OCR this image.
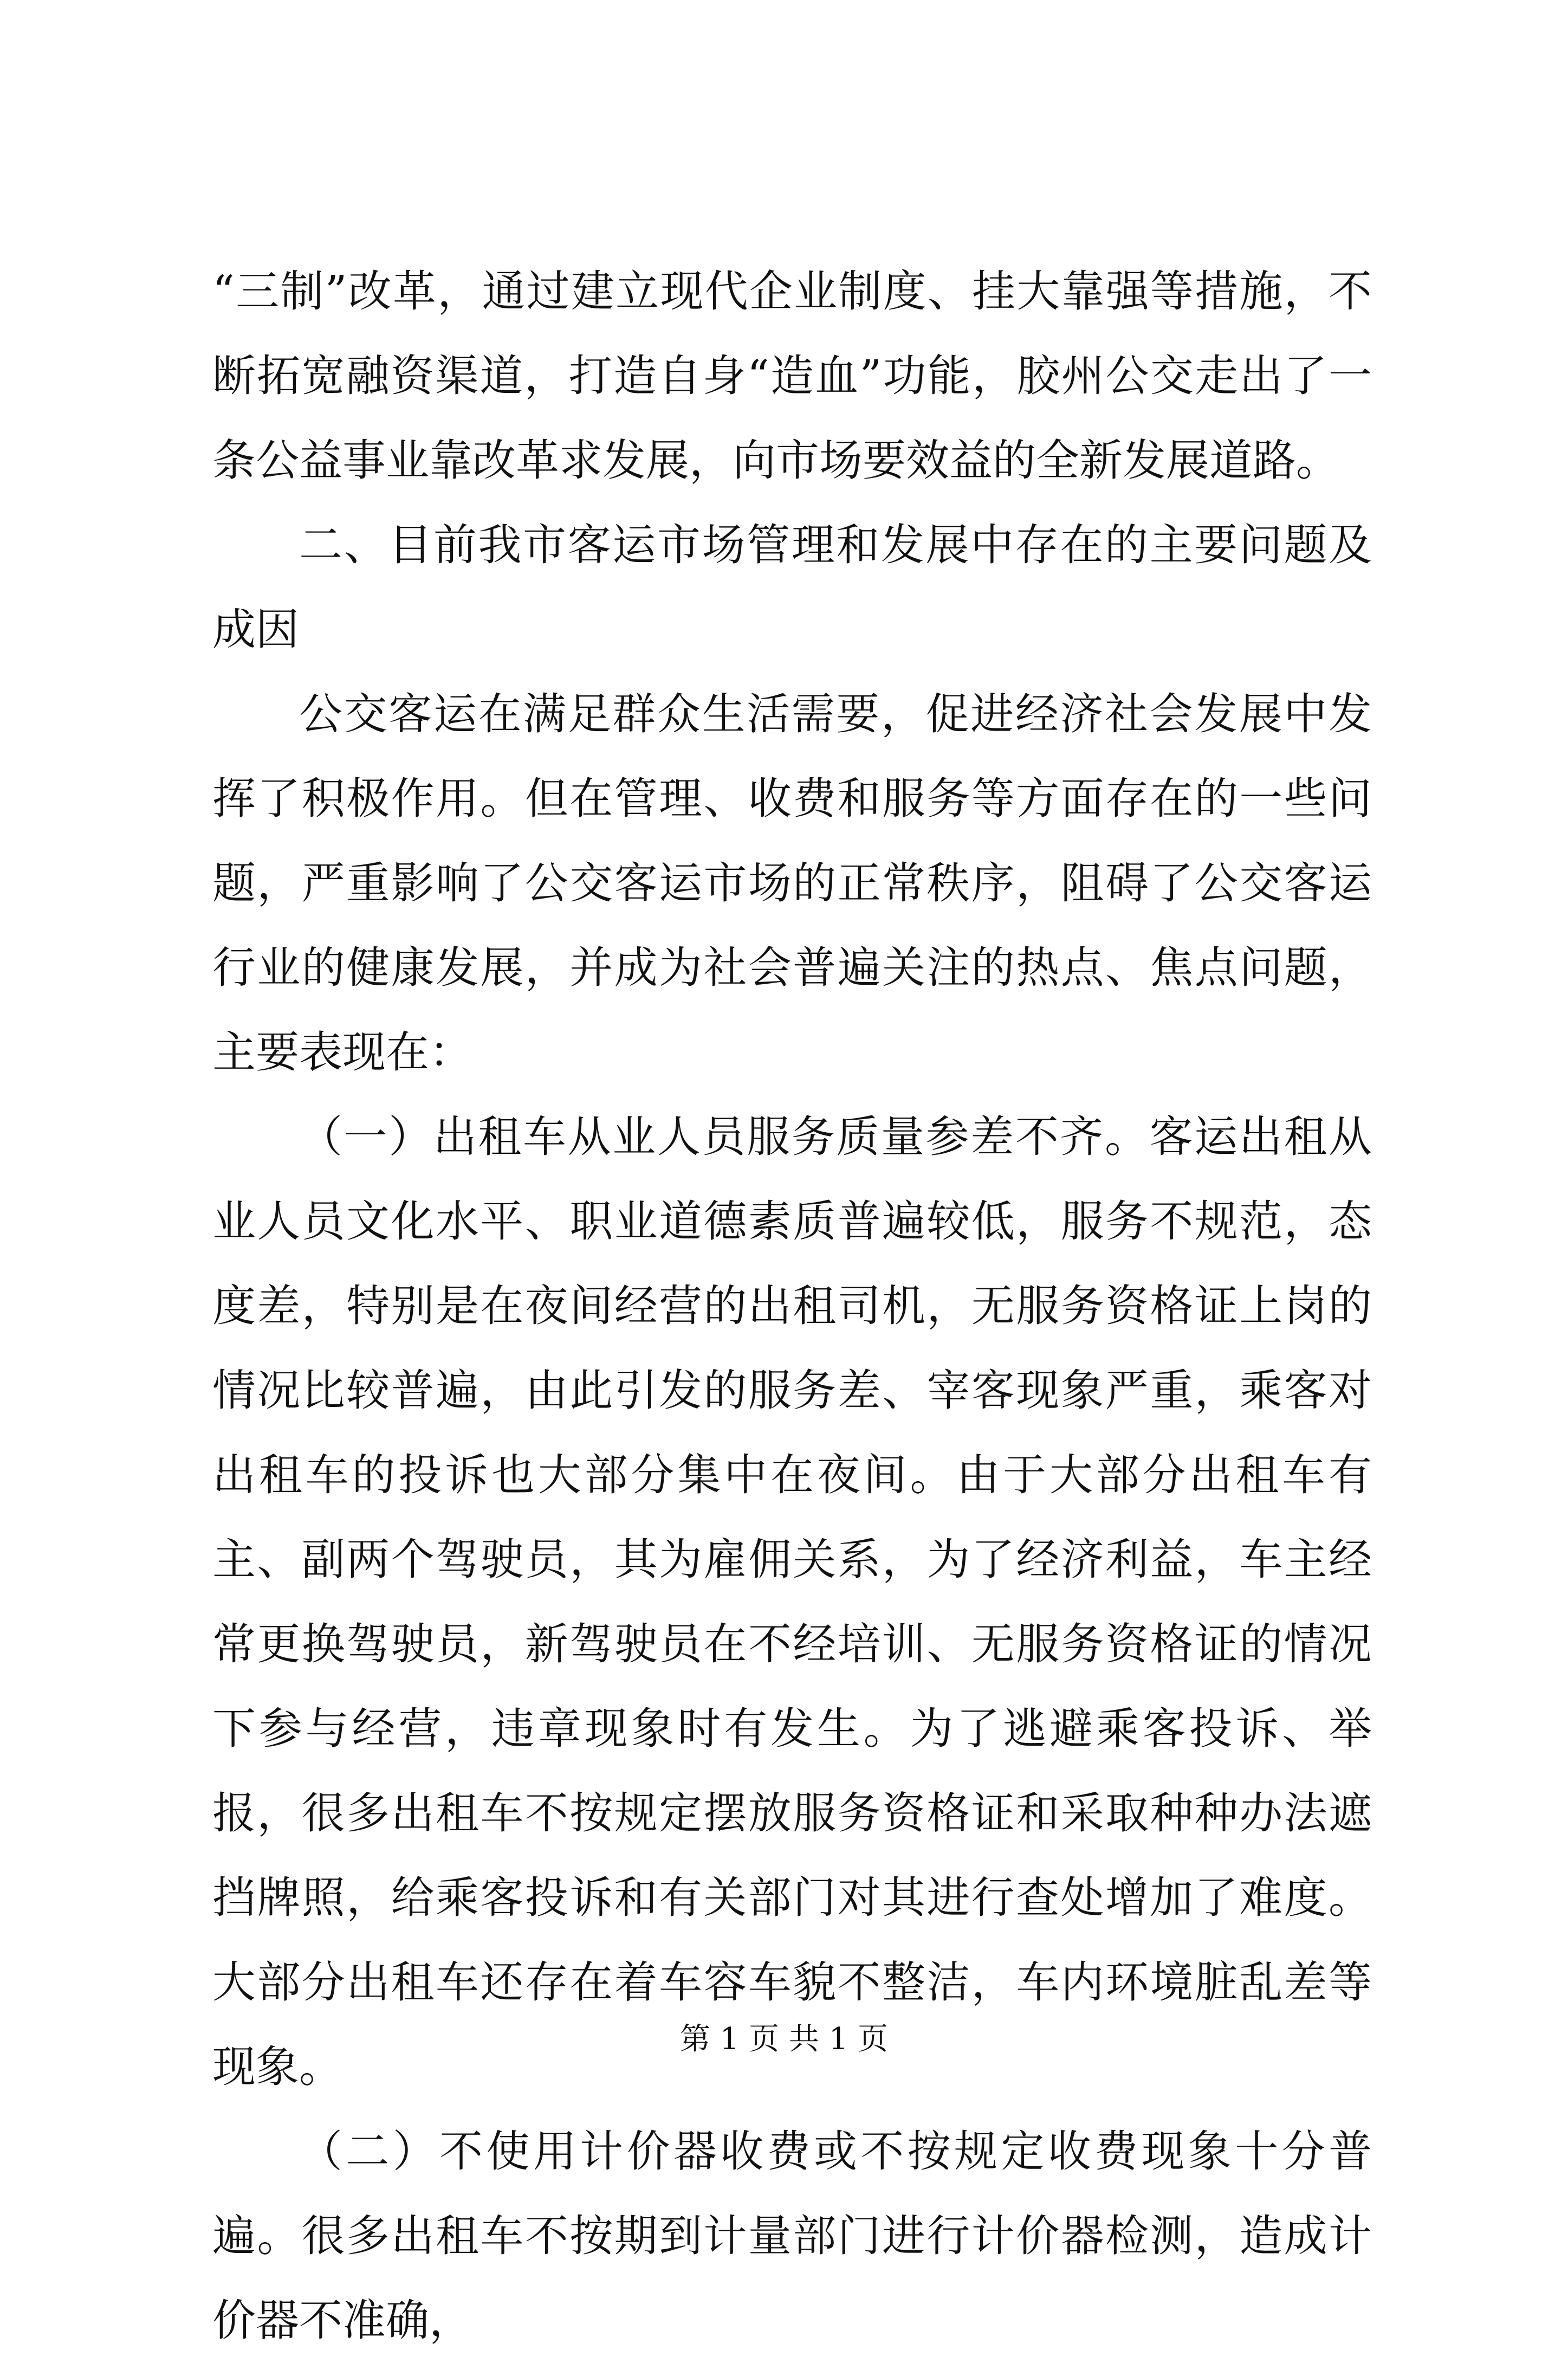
“三制”改革，通过建立现代企业制度、挂大靠强等措施，不断拓宽融资渠道，打造自身“造血”功能，胶州公交走出了一条公益事业靠改革求发展，向市场要效益的全新发展道路。

二、目前我市客运市场管理和发展中存在的主要问题及成因

公交客运在满足群众生活需要，促进经济社会发展中发挥了积极作用。但在管理、收费和服务等方面存在的一些问题，严重影响了公交客运市场的正常秩序，阻碍了公交客运行业的健康发展，并成为社会普遍关注的热点、焦点问题，主要表现在：

（一）出租车从业人员服务质量参差不齐。客运出租从业人员文化水平、职业道德素质普遍较低，服务不规范，态度差，特别是在夜间经营的出租司机，无服务资格证上岗的情况比较普遍，由此引发的服务差、宰客现象严重，乘客对出租车的投诉也大部分集中在夜间。由于大部分出租车有主、副两个驾驶员，其为雇佣关系，为了经济利益，车主经常更换驾驶员，新驾驶员在不经培训、无服务资格证的情况下参与经营，违章现象时有发生。为了逃避乘客投诉、举报，很多出租车不按规定摆放服务资格证和采取种种办法遮挡牌照，给乘客投诉和有关部门对其进行查处增加了难度。大部分出租车还存在着车容车貌不整洁，车内环境脏乱差等现象。

（二）不使用计价器收费或不按规定收费现象十分普遍。很多出租车不按期到计量部门进行计价器检测，造成计价器不准确，

第 1 页 共 1 页
